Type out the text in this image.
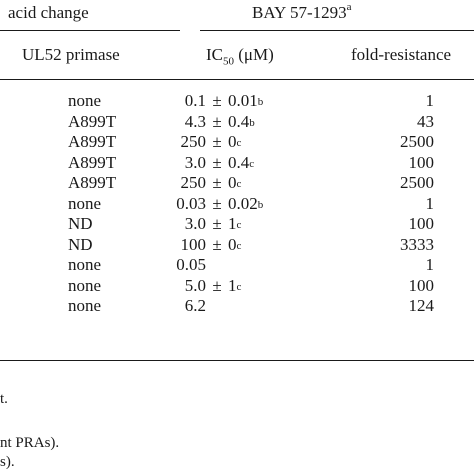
acid change	BAY 57-1293$^a$
UL52 primase	$IC_{50}$ (μM)	fold-resistance
none	0.1 ± 0.01$^b$	1
A899T	4.3 ± 0.4$^b$	43
A899T	$250 \pm 0^c$	2500
A899T	3.0 ± 0.4$^c$	100
A899T	$250 \pm 0^c$	2500
none	0.03 ± 0.02$^b$	1
ND	$3.0 \pm 1^c$	100
ND	100 ± 0 $^c$	3333
none	0.05	1
none	$5.0 \pm 1^c$	100
none	6.2	124
t.
nt PRAs).
s).
